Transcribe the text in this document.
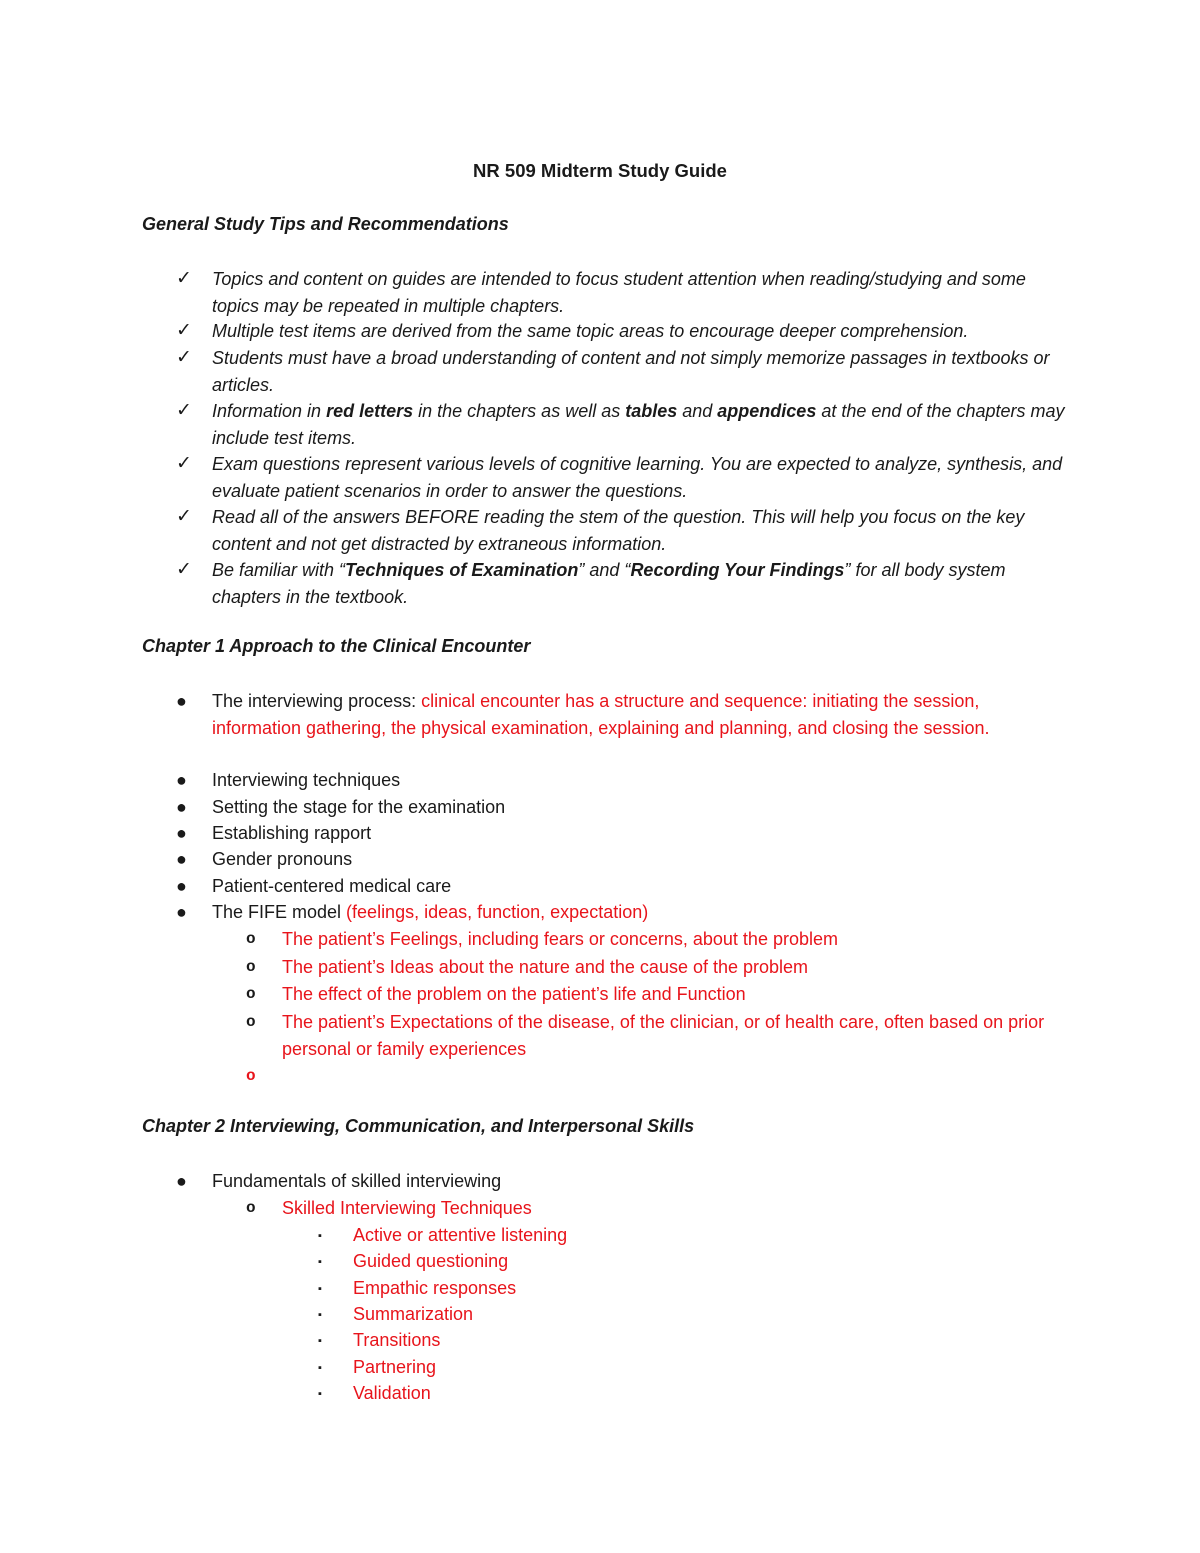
NR 509 Midterm Study Guide
General Study Tips and Recommendations
✓ Topics and content on guides are intended to focus student attention when reading/studying and some topics may be repeated in multiple chapters.
✓ Multiple test items are derived from the same topic areas to encourage deeper comprehension.
✓ Students must have a broad understanding of content and not simply memorize passages in textbooks or articles.
✓ Information in red letters in the chapters as well as tables and appendices at the end of the chapters may include test items.
✓ Exam questions represent various levels of cognitive learning. You are expected to analyze, synthesis, and evaluate patient scenarios in order to answer the questions.
✓ Read all of the answers BEFORE reading the stem of the question. This will help you focus on the key content and not get distracted by extraneous information.
✓ Be familiar with “Techniques of Examination” and “Recording Your Findings” for all body system chapters in the textbook.
Chapter 1 Approach to the Clinical Encounter
● The interviewing process: clinical encounter has a structure and sequence: initiating the session, information gathering, the physical examination, explaining and planning, and closing the session.
● Interviewing techniques
● Setting the stage for the examination
● Establishing rapport
● Gender pronouns
● Patient-centered medical care
● The FIFE model (feelings, ideas, function, expectation)
o The patient’s Feelings, including fears or concerns, about the problem
o The patient’s Ideas about the nature and the cause of the problem
o The effect of the problem on the patient’s life and Function
o The patient’s Expectations of the disease, of the clinician, or of health care, often based on prior personal or family experiences
o

Chapter 2 Interviewing, Communication, and Interpersonal Skills
● Fundamentals of skilled interviewing
o Skilled Interviewing Techniques
▪ Active or attentive listening
▪ Guided questioning
▪ Empathic responses
▪ Summarization
▪ Transitions
▪ Partnering
▪ Validation
